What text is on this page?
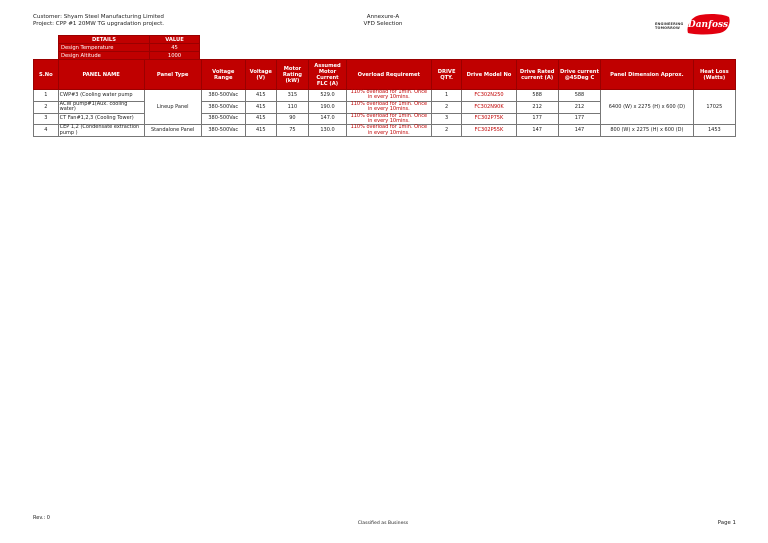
Customer: Shyam Steel Manufacturing Limited
Project: CPP #1 20MW TG upgradation project.
Annexure-A
VFD Selection	ENGINEERING
TOMORROW Danfoss
DETAILS	VALUE
Design Temperature	45
Design Altitude	1000
S.No	PANEL NAME	Panel Type	Voltage Range	Voltage (V)	Motor Rating (kW)	Assumed Motor Current FLC (A)	Overload Requiremet	DRIVE QTY.	Drive Model No	Drive Rated current (A)	Drive current @45Deg C	Panel Dimension Approx.	Heat Loss (Watts)
1	CWP#3 (Cooling water pump	Lineup Panel	380-500Vac	415	315	529.0	110% overload for 1min. Once in every 10mins.	1	FC302N250	588	588	6400 (W) x 2275 (H) x 600 (D)	17025
2	ACW pump#1(Aux. cooling water)		380-500Vac	415	110	190.0	110% overload for 1min. Once in every 10mins.	2	FC302N90K	212	212		
3	CT Fan#1,2,3 (Cooling Tower)		380-500Vac	415	90	147.0	110% overload for 1min. Once in every 10mins.	3	FC302P75K	177	177		
4	CEP 1,2 (Condensate extraction pump )	Standalone Panel	380-500Vac	415	75	130.0	110% overload for 1min. Once in every 10mins.	2	FC302P55K	147	147	800 (W) x 2275 (H) x 600 (D)	1453
Rev.: 0
Classified as Business	Page 1
